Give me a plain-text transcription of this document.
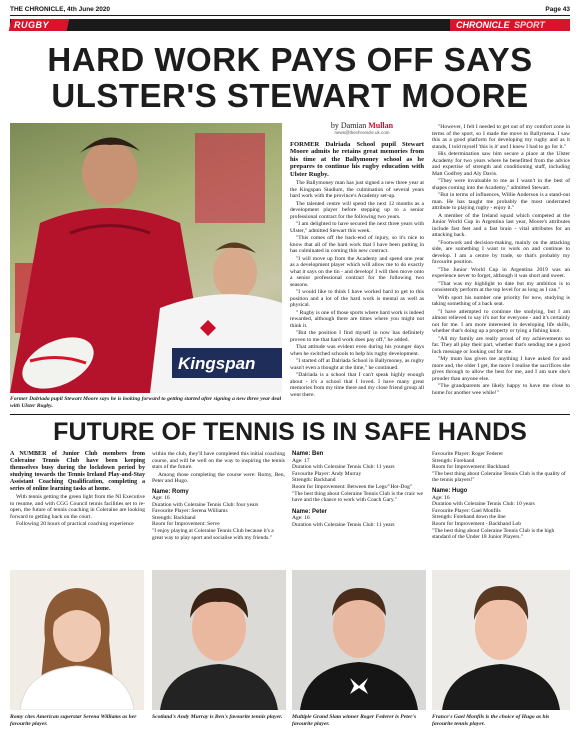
THE CHRONICLE, 4th June 2020	Page 43
RUGBY	CHRONICLE SPORT
HARD WORK PAYS OFF SAYS
ULSTER'S STEWART MOORE
Kingspan
Former Dalriada pupil Stewart Moore says he is looking forward to getting started after signing a new three year deal with Ulster Rugby.
by Damian Mullan
news@thechronicle.uk.com

FORMER Dalriada School pupil Stewart Moore admits he retains great memories from his time at the Ballymoney school as he prepares to continue his rugby education with Ulster Rugby.

The Ballymoney man has just signed a new three year at the Kingspan Stadium, the culmination of several years hard work with the province's Academy set-up.

The talented centre will spend the next 12 months as a development player before stepping up to a senior professional contract for the following two years.

"I am delighted to have secured the next three years with Ulster," admitted Stewart this week.

"This comes off the back-end of injury, so it's nice to know that all of the hard work that I have been putting in has culminated in coming this new contract.

"I will move up from the Academy and spend one year as a development player which will allow me to do exactly what it says on the tin - and develop! I will then move onto a senior professional contract for the following two seasons.

"I would like to think I have worked hard to get to this position and a lot of the hard work is mental as well as physical.

" Rugby is one of those sports where hard work is indeed rewarded, although there are times where you might not think it.

"But the position I find myself in now has definitely proven to me that hard work does pay off," he added.

That attitude was evident even during his younger days when he switched schools to help his rugby development.

"I started off at Dalriada School in Ballymoney, as rugby wasn't even a thought at the time," he continued.

"Dalriada is a school that I can't speak highly enough about - it's a school that I loved. I have many great memories from my time there and my close friend group all went there.

"However, I felt I needed to get out of my comfort zone in terms of the sport, so I made the move to Ballymena. I saw this as a good platform for developing my rugby and as it stands, I told myself 'this is it' and I knew I had to go for it."

His determination saw him secure a place at the Ulster Academy for two years where he benefitted from the advice and expertise of strength and conditioning staff, including Matt Godfrey and Aly Davis.

"They were invaluable to me as I wasn't in the best of shapes coming into the Academy," admitted Stewart.

"But in terms of influences, Willie Anderson is a stand-out man. He has taught me probably the most underrated attribute to playing rugby - enjoy it."

A member of the Ireland squad which competed at the Junior World Cup in Argentina last year, Moore's attributes include fast feet and a fast brain - vital attributes for an attacking back.

"Footwork and decision-making, mainly on the attacking side, are something I want to work on and continue to develop. I am a centre by trade, so that's probably my favourite position.

"The Junior World Cup in Argentina 2019 was an experience never to forget, although it was short and sweet.

"That was my highlight to date but my ambition is to consistently perform at the top level for as long as I can."

With sport his number one priority for now, studying is taking something of a back seat.

"I have attempted to continue the studying, but I am almost relieved to say it's not for everyone - and it's certainly not for me. I am more interested in developing life skills, whether that's doing up a property or tying a fishing knot.

"All my family are really proud of my achievements so far. They all play their part, whether that's sending me a good luck message or looking out for me.

"My mum has given me anything I have asked for and more and, the older I get, the more I realise the sacrifices she gives through to allow the best for me, and I am sure she's prouder than anyone else.

"The grandparents are likely happy to have me close to home for another wee while!"

FUTURE OF TENNIS IS IN SAFE HANDS

A NUMBER of Junior Club members from Coleraine Tennis Club have been keeping themselves busy during the lockdown period by studying towards the Tennis Ireland Play-and-Stay Assistant Coaching Qualification, completing a series of online learning tasks at home.

With tennis getting the green light from the NI Executive to resume, and with CGG Council tennis facilities set to re-open, the future of tennis coaching in Coleraine are looking forward to getting back on the court.

Following 20 hours of practical coaching experience

within the club, they'll have completed this initial coaching course, and will be well on the way to inspiring the tennis stars of the future.

Among those completing the course were: Romy, Ben, Peter and Hugo.

Name: Romy
Age: 16
Duration with Coleraine Tennis Club: four years
Favourite Player: Serena Williams
Strength: Backhand
Room for Improvement: Serve
"I enjoy playing at Coleraine Tennis Club because it's a great way to play sport and socialise with my friends."
Name: Ben
Age: 17
Duration with Coleraine Tennis Club: 11 years
Favourite Player: Andy Murray
Strength: Backhand
Room for Improvement: Between the Legs/"Hot-Dog"
"The best thing about Coleraine Tennis Club is the craic we have and the chance to work with Coach Gary."
Name: Peter
Age: 16
Duration with Coleraine Tennis Club: 11 years
Favourite Player: Roger Federer
Strength: Forehand
Room for Improvement: Backhand
"The best thing about Coleraine Tennis Club is the quality of the tennis players!"
Name: Hugo
Age: 16
Duration with Coleraine Tennis Club: 10 years
Favourite Player: Gael Monfils
Strength: Forehand down the line
Room for Improvement - Backhand Lob
"The best thing about Coleraine Tennis Club is the high standard of the Under 18 Junior Players."
Romy cites American superstar Serena Williams as her favourite player.
Scotland's Andy Murray is Ben's favourite tennis player.	Multiple Grand Slam winner Roger Federer is Peter's favourite player.
France's Gael Monfils is the choice of Hugo as his favourite tennis player.
